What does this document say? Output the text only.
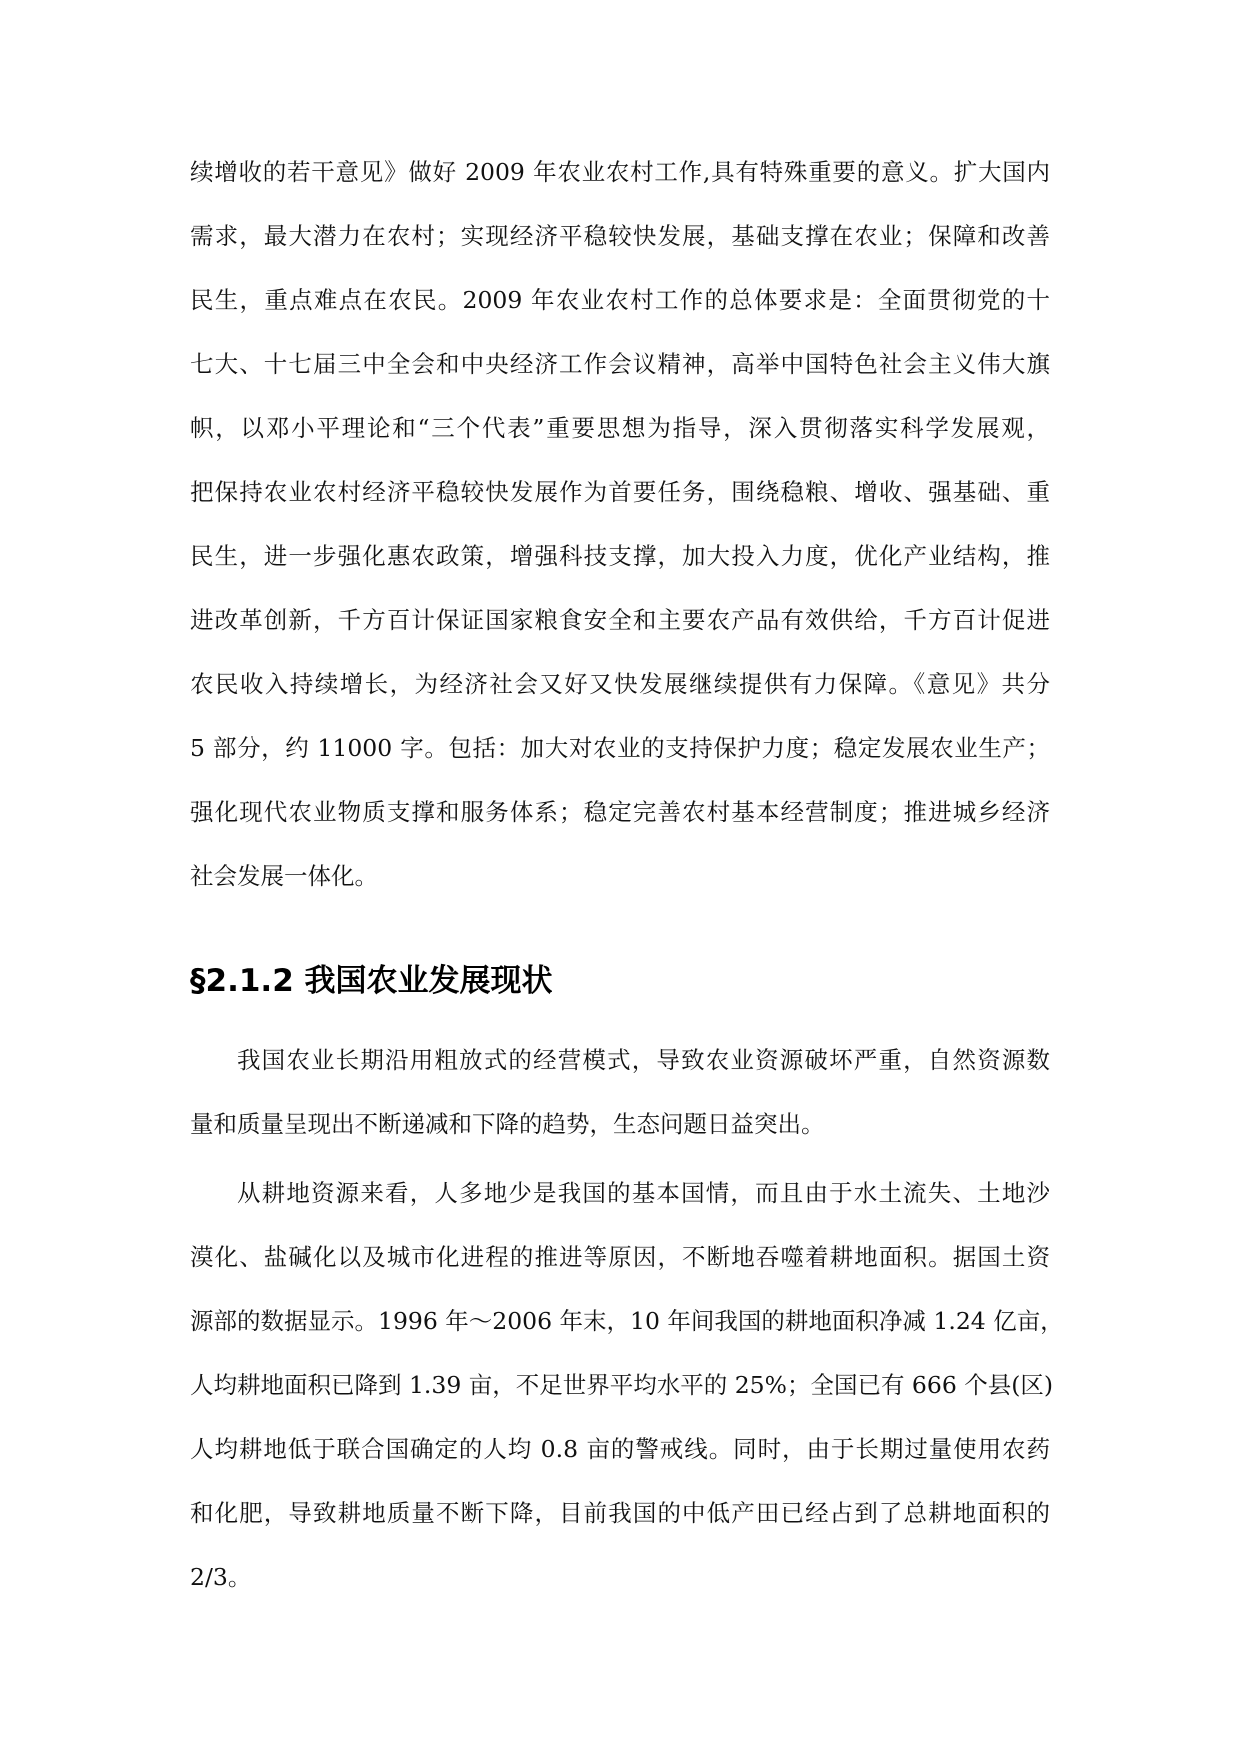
续增收的若干意见》做好 2009 年农业农村工作,具有特殊重要的意义。扩大国内
需求，最大潜力在农村；实现经济平稳较快发展，基础支撑在农业；保障和改善
民生，重点难点在农民。2009 年农业农村工作的总体要求是：全面贯彻党的十
七大、十七届三中全会和中央经济工作会议精神，高举中国特色社会主义伟大旗
帜，以邓小平理论和“三个代表”重要思想为指导，深入贯彻落实科学发展观，
把保持农业农村经济平稳较快发展作为首要任务，围绕稳粮、增收、强基础、重
民生，进一步强化惠农政策，增强科技支撑，加大投入力度，优化产业结构，推
进改革创新，千方百计保证国家粮食安全和主要农产品有效供给，千方百计促进
农民收入持续增长，为经济社会又好又快发展继续提供有力保障。《意见》共分
5 部分，约 11000 字。包括：加大对农业的支持保护力度；稳定发展农业生产；
强化现代农业物质支撑和服务体系；稳定完善农村基本经营制度；推进城乡经济
社会发展一体化。
§2.1.2 我国农业发展现状
我国农业长期沿用粗放式的经营模式，导致农业资源破坏严重，自然资源数
量和质量呈现出不断递减和下降的趋势，生态问题日益突出。
从耕地资源来看，人多地少是我国的基本国情，而且由于水土流失、土地沙
漠化、盐碱化以及城市化进程的推进等原因，不断地吞噬着耕地面积。据国土资
源部的数据显示。1996 年～2006 年末，10 年间我国的耕地面积净减 1.24 亿亩，
人均耕地面积已降到 1.39 亩，不足世界平均水平的 25%；全国已有 666 个县(区)
人均耕地低于联合国确定的人均 0.8 亩的警戒线。同时，由于长期过量使用农药
和化肥，导致耕地质量不断下降，目前我国的中低产田已经占到了总耕地面积的
2/3。
